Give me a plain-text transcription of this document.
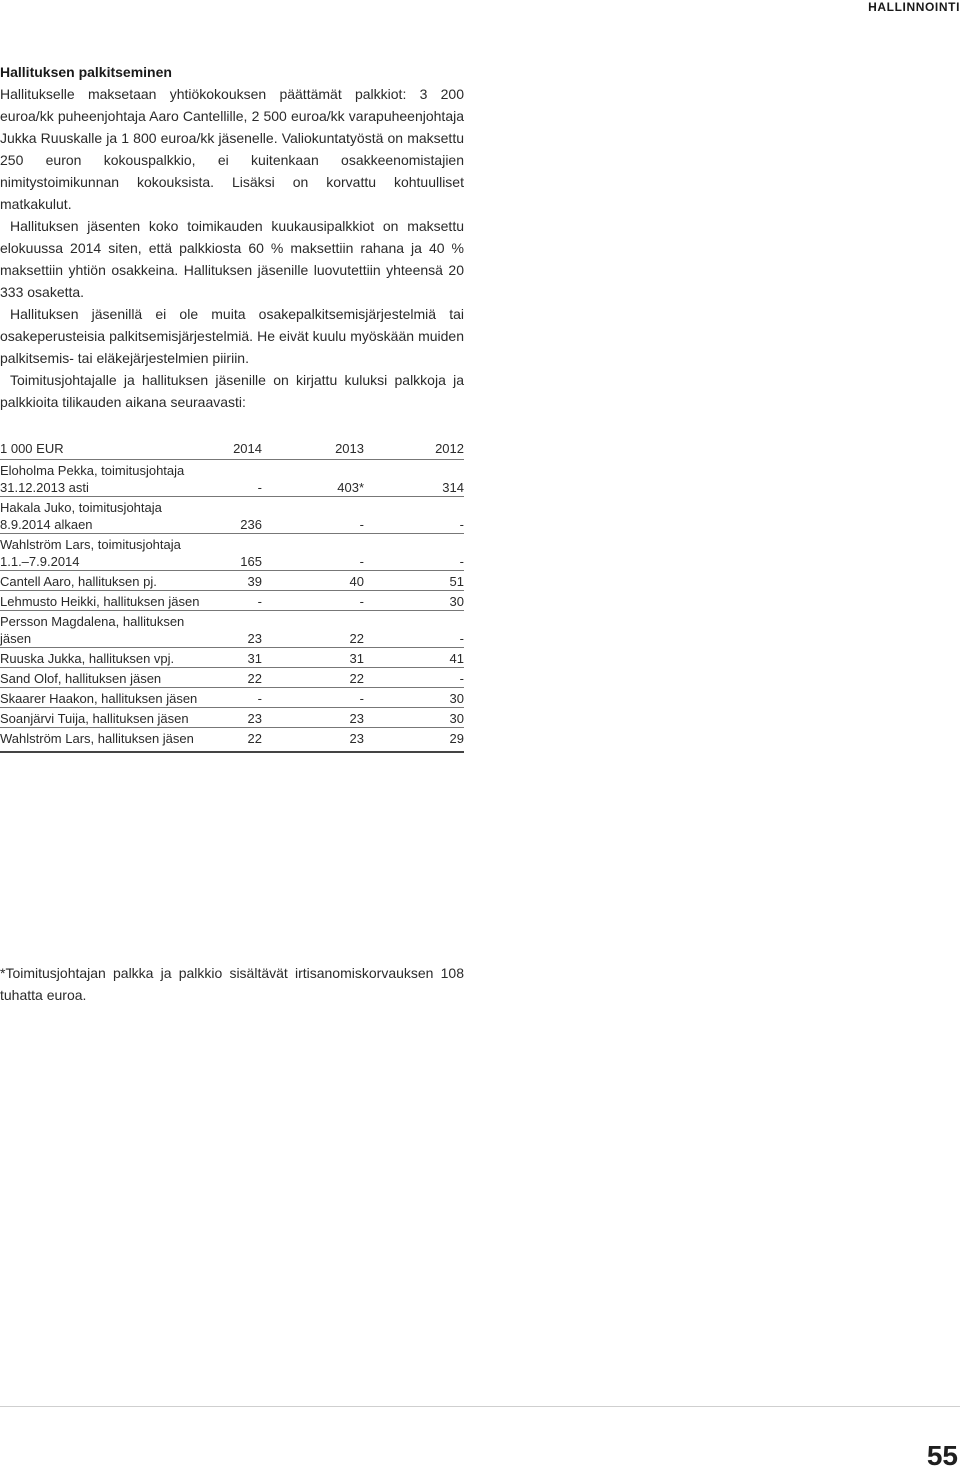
HALLINNOINTI
Hallituksen palkitseminen

Hallitukselle maksetaan yhtiökokouksen päättämät palkkiot: 3 200 euroa/kk puheenjohtaja Aaro Cantellille, 2 500 euroa/kk varapuheenjohtaja Jukka Ruuskalle ja 1 800 euroa/kk jäsenelle. Valiokuntatyöstä on maksettu 250 euron kokouspalkkio, ei kuitenkaan osakkeenomistajien nimitystoimikunnan kokouksista. Lisäksi on korvattu kohtuulliset matkakulut.

Hallituksen jäsenten koko toimikauden kuukausipalkkiot on maksettu elokuussa 2014 siten, että palkkiosta 60 % maksettiin rahana ja 40 % maksettiin yhtiön osakkeina. Hallituksen jäsenille luovutettiin yhteensä 20 333 osaketta.

Hallituksen jäsenillä ei ole muita osakepalkitsemisjärjestelmiä tai osakeperusteisia palkitsemisjärjestelmiä. He eivät kuulu myöskään muiden palkitsemis- tai eläkejärjestelmien piiriin.

Toimitusjohtajalle ja hallituksen jäsenille on kirjattu kuluksi palkkoja ja palkkioita tilikauden aikana seuraavasti:

1 000 EUR	2014	2013	2012
Eloholma Pekka, toimitusjohtaja 31.12.2013 asti	-	403*	314
Hakala Juko, toimitusjohtaja 8.9.2014 alkaen	236	-	-
Wahlström Lars, toimitusjohtaja 1.1.–7.9.2014	165	-	-
Cantell Aaro, hallituksen pj.	39	40	51
Lehmusto Heikki, hallituksen jäsen	-	-	30
Persson Magdalena, hallituksen jäsen	23	22	-
Ruuska Jukka, hallituksen vpj.	31	31	41
Sand Olof, hallituksen jäsen	22	22	-
Skaarer Haakon, hallituksen jäsen	-	-	30
Soanjärvi Tuija, hallituksen jäsen	23	23	30
Wahlström Lars, hallituksen jäsen	22	23	29

*Toimitusjohtajan palkka ja palkkio sisältävät irtisanomiskorvauksen 108 tuhatta euroa.

55
